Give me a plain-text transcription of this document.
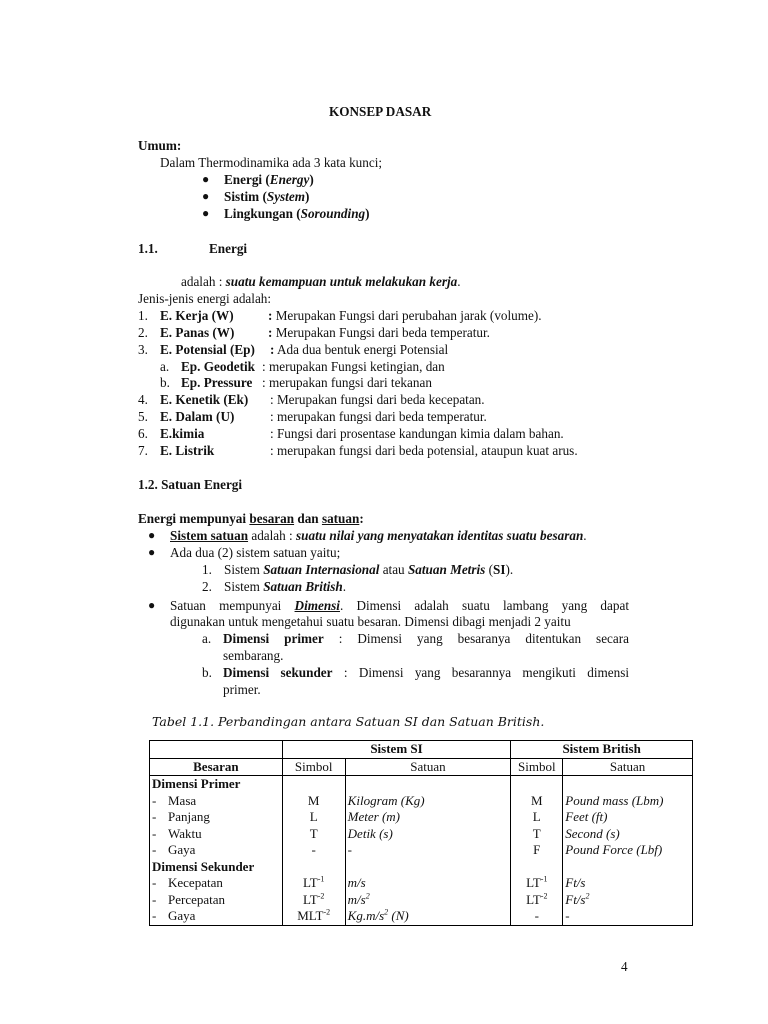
KONSEP DASAR
Umum:
Dalam Thermodinamika ada 3 kata kunci;
● Energi (Energy)
● Sistim (System)
● Lingkungan (Sorounding)
1.1.	Energi
adalah : suatu kemampuan untuk melakukan kerja.
Jenis-jenis energi adalah:
1. E. Kerja (W)	: Merupakan Fungsi dari perubahan jarak (volume).
2. E. Panas (W)	: Merupakan Fungsi dari beda temperatur.
3. E. Potensial (Ep) : Ada dua bentuk energi Potensial
a. Ep. Geodetik : merupakan Fungsi ketingian, dan
b. Ep. Pressure : merupakan fungsi dari tekanan
4. E. Kenetik (Ek) : Merupakan fungsi dari beda kecepatan.
5. E. Dalam (U)	: merupakan fungsi dari beda temperatur.
6. E.kimia	: Fungsi dari prosentase kandungan kimia dalam bahan.
7. E. Listrik	: merupakan fungsi dari beda potensial, ataupun kuat arus.
1.2. Satuan Energi
Energi mempunyai besaran dan satuan:
● Sistem satuan adalah : suatu nilai yang menyatakan identitas suatu besaran.
● Ada dua (2) sistem satuan yaitu;
1. Sistem Satuan Internasional atau Satuan Metris (SI).
2. Sistem Satuan British.
● Satuan mempunyai Dimensi. Dimensi adalah suatu lambang yang dapat
digunakan untuk mengetahui suatu besaran. Dimensi dibagi menjadi 2 yaitu
a. Dimensi primer : Dimensi yang besaranya ditentukan secara
sembarang.
b. Dimensi sekunder : Dimensi yang besarannya mengikuti dimensi
primer.
Tabel 1.1. Perbandingan antara Satuan SI dan Satuan British.
	Sistem SI		Sistem British	
Besaran	Simbol	Satuan	Simbol	Satuan
Dimensi Primer				
- Masa	M	Kilogram (Kg)	M	Pound mass (Lbm)
- Panjang	L	Meter (m)	L	Feet (ft)
- Waktu	T	Detik (s)	T	Second (s)
- Gaya	-	-	F	Pound Force (Lbf)
Dimensi Sekunder				
- Kecepatan	$LT^{-1}$	m/s	$LT^{-1}$	Ft/s
- Percepatan	$LT^{-2}$	$m/s^2$	$LT^{-2}$	$Ft/s^2$
- Gaya	$MLT^{-2}$	$Kg.m/s^2$ (N)	-	-
4
